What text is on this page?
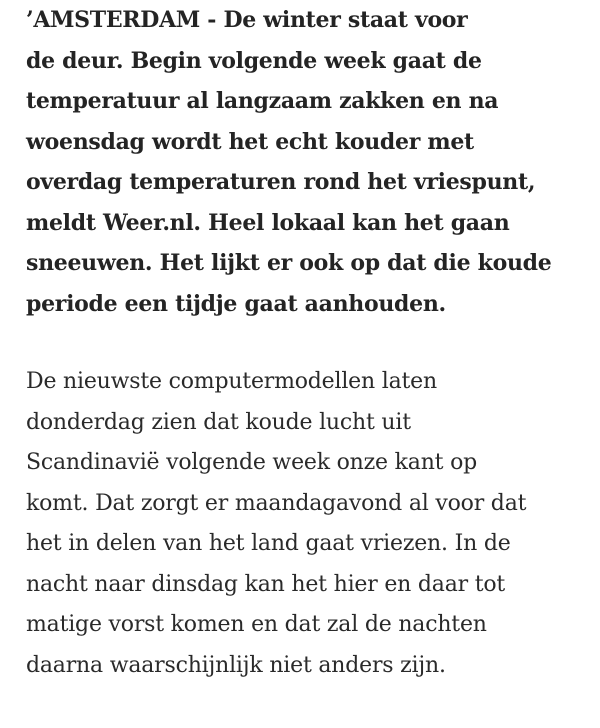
’AMSTERDAM - De winter staat voor
de deur. Begin volgende week gaat de
temperatuur al langzaam zakken en na
woensdag wordt het echt kouder met
overdag temperaturen rond het vriespunt,
meldt Weer.nl. Heel lokaal kan het gaan
sneeuwen. Het lijkt er ook op dat die koude
periode een tijdje gaat aanhouden.

De nieuwste computermodellen laten
donderdag zien dat koude lucht uit
Scandinavië volgende week onze kant op
komt. Dat zorgt er maandagavond al voor dat
het in delen van het land gaat vriezen. In de
nacht naar dinsdag kan het hier en daar tot
matige vorst komen en dat zal de nachten
daarna waarschijnlijk niet anders zijn.
